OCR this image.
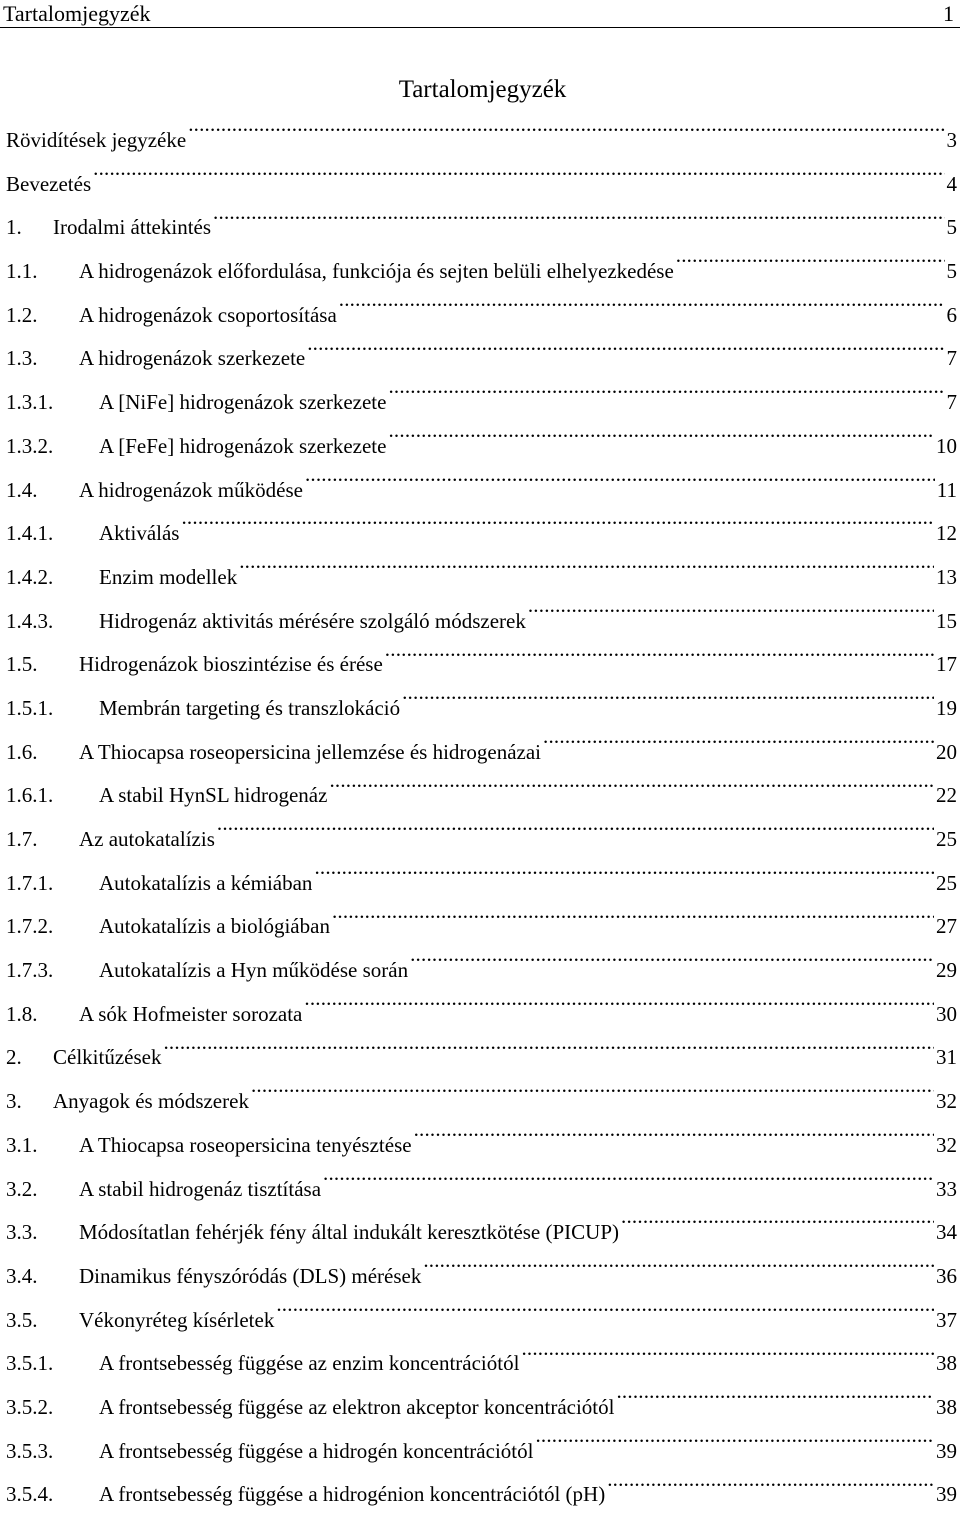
Tartalomjegyzék	1
Tartalomjegyzék
Rövidítések jegyzéke .....	3
Bevezetés .....	4
1.	Irodalmi áttekintés .....	5
1.1.	A hidrogenázok előfordulása, funkciója és sejten belüli elhelyezkedése .....	5
1.2.	A hidrogenázok csoportosítása .....	6
1.3.	A hidrogenázok szerkezete .....	7
1.3.1.	A [NiFe] hidrogenázok szerkezete .....	7
1.3.2.	A [FeFe] hidrogenázok szerkezete .....	10
1.4.	A hidrogenázok működése .....	11
1.4.1.	Aktiválás .....	12
1.4.2.	Enzim modellek .....	13
1.4.3.	Hidrogenáz aktivitás mérésére szolgáló módszerek .....	15
1.5.	Hidrogenázok bioszintézise és érése .....	17
1.5.1.	Membrán targeting és transzlokáció .....	19
1.6.	A Thiocapsa roseopersicina jellemzése és hidrogenázai .....	20
1.6.1.	A stabil HynSL hidrogenáz .....	22
1.7.	Az autokatalízis .....	25
1.7.1.	Autokatalízis a kémiában .....	25
1.7.2.	Autokatalízis a biológiában .....	27
1.7.3.	Autokatalízis a Hyn működése során .....	29
1.8.	A sók Hofmeister sorozata .....	30
2.	Célkitűzések .....	31
3.	Anyagok és módszerek .....	32
3.1.	A Thiocapsa roseopersicina tenyésztése .....	32
3.2.	A stabil hidrogenáz tisztítása .....	33
3.3.	Módosítatlan fehérjék fény által indukált keresztkötése (PICUP) .....	34
3.4.	Dinamikus fényszóródás (DLS) mérések .....	36
3.5.	Vékonyréteg kísérletek .....	37
3.5.1.	A frontsebesség függése az enzim koncentrációtól .....	38
3.5.2.	A frontsebesség függése az elektron akceptor koncentrációtól .....	38
3.5.3.	A frontsebesség függése a hidrogén koncentrációtól .....	39
3.5.4.	A frontsebesség függése a hidrogénion koncentrációtól (pH) .....	39
